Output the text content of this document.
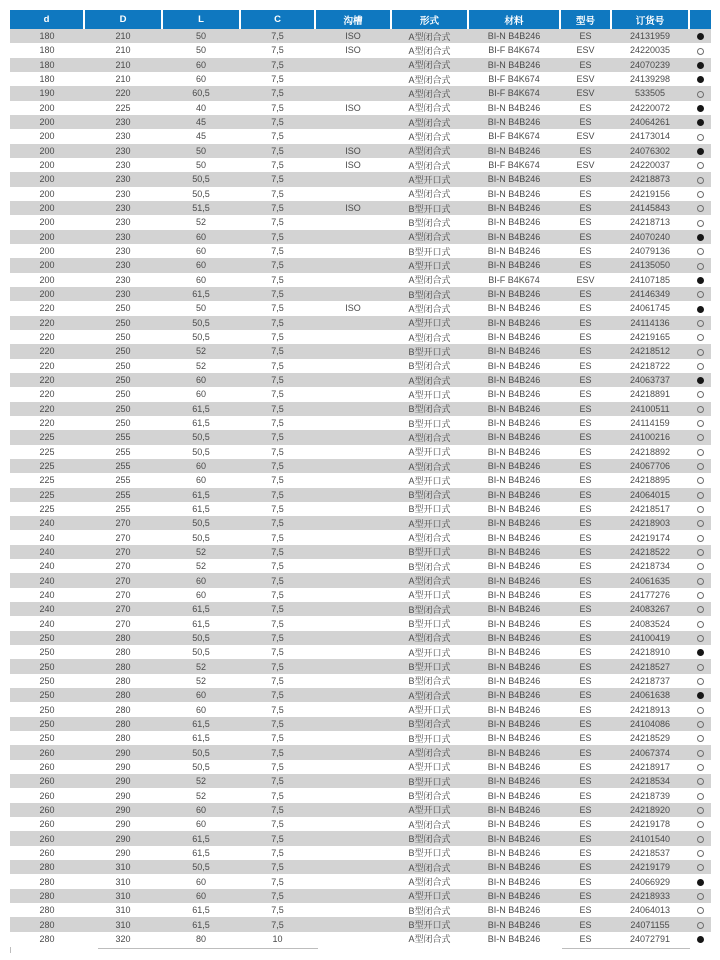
d	D	L	C	沟槽	形式	材料	型号	订货号	
180	210	50	7,5	ISO	A型闭合式	BI-N B4B246	ES	24131959	
180	210	50	7,5	ISO	A型闭合式	BI-F B4K674	ESV	24220035	
180	210	60	7,5		A型闭合式	BI-N B4B246	ES	24070239	
180	210	60	7,5		A型闭合式	BI-F B4K674	ESV	24139298	
190	220	60,5	7,5		A型闭合式	BI-F B4K674	ESV	533505	
200	225	40	7,5	ISO	A型闭合式	BI-N B4B246	ES	24220072	
200	230	45	7,5		A型闭合式	BI-N B4B246	ES	24064261	
200	230	45	7,5		A型闭合式	BI-F B4K674	ESV	24173014	
200	230	50	7,5	ISO	A型闭合式	BI-N B4B246	ES	24076302	
200	230	50	7,5	ISO	A型闭合式	BI-F B4K674	ESV	24220037	
200	230	50,5	7,5		A型开口式	BI-N B4B246	ES	24218873	
200	230	50,5	7,5		A型闭合式	BI-N B4B246	ES	24219156	
200	230	51,5	7,5	ISO	B型开口式	BI-N B4B246	ES	24145843	
200	230	52	7,5		B型闭合式	BI-N B4B246	ES	24218713	
200	230	60	7,5		A型闭合式	BI-N B4B246	ES	24070240	
200	230	60	7,5		B型开口式	BI-N B4B246	ES	24079136	
200	230	60	7,5		A型开口式	BI-N B4B246	ES	24135050	
200	230	60	7,5		A型闭合式	BI-F B4K674	ESV	24107185	
200	230	61,5	7,5		B型闭合式	BI-N B4B246	ES	24146349	
220	250	50	7,5	ISO	A型闭合式	BI-N B4B246	ES	24061745	
220	250	50,5	7,5		A型开口式	BI-N B4B246	ES	24114136	
220	250	50,5	7,5		A型闭合式	BI-N B4B246	ES	24219165	
220	250	52	7,5		B型开口式	BI-N B4B246	ES	24218512	
220	250	52	7,5		B型闭合式	BI-N B4B246	ES	24218722	
220	250	60	7,5		A型闭合式	BI-N B4B246	ES	24063737	
220	250	60	7,5		A型开口式	BI-N B4B246	ES	24218891	
220	250	61,5	7,5		B型闭合式	BI-N B4B246	ES	24100511	
220	250	61,5	7,5		B型开口式	BI-N B4B246	ES	24114159	
225	255	50,5	7,5		A型闭合式	BI-N B4B246	ES	24100216	
225	255	50,5	7,5		A型开口式	BI-N B4B246	ES	24218892	
225	255	60	7,5		A型闭合式	BI-N B4B246	ES	24067706	
225	255	60	7,5		A型开口式	BI-N B4B246	ES	24218895	
225	255	61,5	7,5		B型闭合式	BI-N B4B246	ES	24064015	
225	255	61,5	7,5		B型开口式	BI-N B4B246	ES	24218517	
240	270	50,5	7,5		A型开口式	BI-N B4B246	ES	24218903	
240	270	50,5	7,5		A型闭合式	BI-N B4B246	ES	24219174	
240	270	52	7,5		B型开口式	BI-N B4B246	ES	24218522	
240	270	52	7,5		B型闭合式	BI-N B4B246	ES	24218734	
240	270	60	7,5		A型闭合式	BI-N B4B246	ES	24061635	
240	270	60	7,5		A型开口式	BI-N B4B246	ES	24177276	
240	270	61,5	7,5		B型闭合式	BI-N B4B246	ES	24083267	
240	270	61,5	7,5		B型开口式	BI-N B4B246	ES	24083524	
250	280	50,5	7,5		A型闭合式	BI-N B4B246	ES	24100419	
250	280	50,5	7,5		A型开口式	BI-N B4B246	ES	24218910	
250	280	52	7,5		B型开口式	BI-N B4B246	ES	24218527	
250	280	52	7,5		B型闭合式	BI-N B4B246	ES	24218737	
250	280	60	7,5		A型闭合式	BI-N B4B246	ES	24061638	
250	280	60	7,5		A型开口式	BI-N B4B246	ES	24218913	
250	280	61,5	7,5		B型闭合式	BI-N B4B246	ES	24104086	
250	280	61,5	7,5		B型开口式	BI-N B4B246	ES	24218529	
260	290	50,5	7,5		A型闭合式	BI-N B4B246	ES	24067374	
260	290	50,5	7,5		A型开口式	BI-N B4B246	ES	24218917	
260	290	52	7,5		B型开口式	BI-N B4B246	ES	24218534	
260	290	52	7,5		B型闭合式	BI-N B4B246	ES	24218739	
260	290	60	7,5		A型开口式	BI-N B4B246	ES	24218920	
260	290	60	7,5		A型闭合式	BI-N B4B246	ES	24219178	
260	290	61,5	7,5		B型闭合式	BI-N B4B246	ES	24101540	
260	290	61,5	7,5		B型开口式	BI-N B4B246	ES	24218537	
280	310	50,5	7,5		A型闭合式	BI-N B4B246	ES	24219179	
280	310	60	7,5		A型闭合式	BI-N B4B246	ES	24066929	
280	310	60	7,5		A型开口式	BI-N B4B246	ES	24218933	
280	310	61,5	7,5		B型闭合式	BI-N B4B246	ES	24064013	
280	310	61,5	7,5		B型开口式	BI-N B4B246	ES	24071155	
280	320	80	10		A型闭合式	BI-N B4B246	ES	24072791	
